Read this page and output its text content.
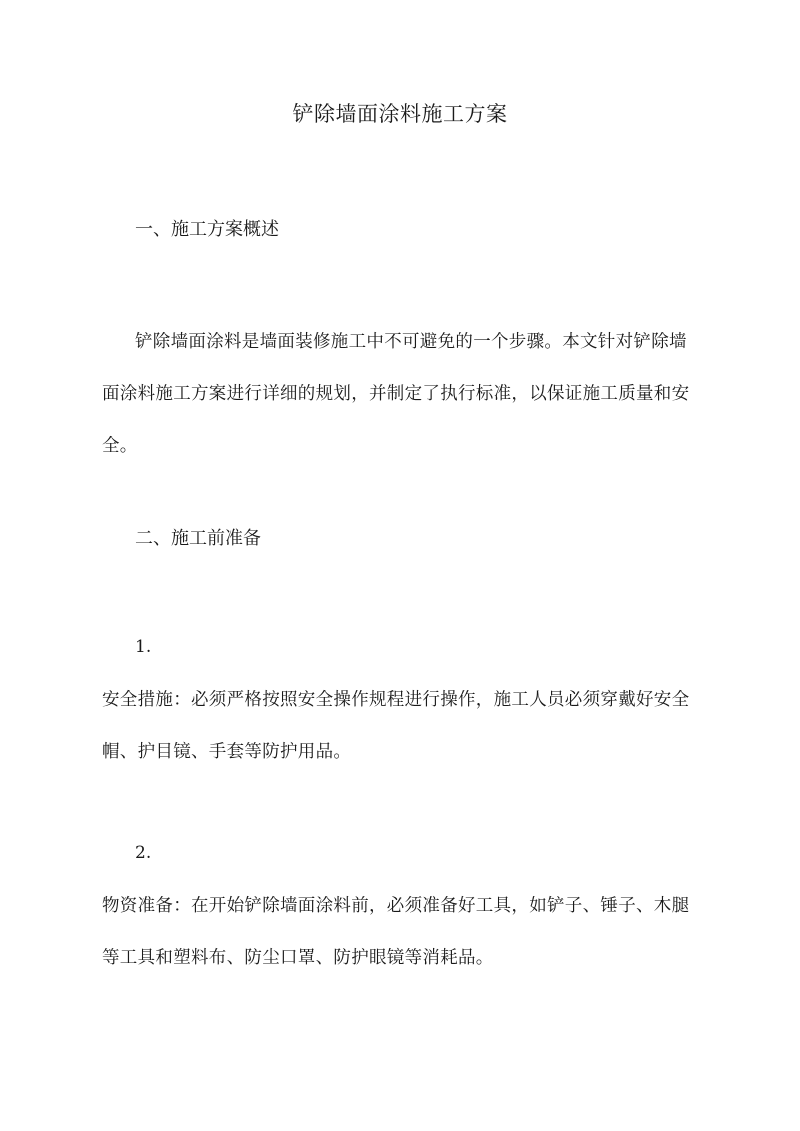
铲除墙面涂料施工方案
一、施工方案概述
铲除墙面涂料是墙面装修施工中不可避免的一个步骤。本文针对铲除墙面涂料施工方案进行详细的规划，并制定了执行标准，以保证施工质量和安全。
二、施工前准备
1.
安全措施：必须严格按照安全操作规程进行操作，施工人员必须穿戴好安全帽、护目镜、手套等防护用品。
2.
物资准备：在开始铲除墙面涂料前，必须准备好工具，如铲子、锤子、木腿等工具和塑料布、防尘口罩、防护眼镜等消耗品。
